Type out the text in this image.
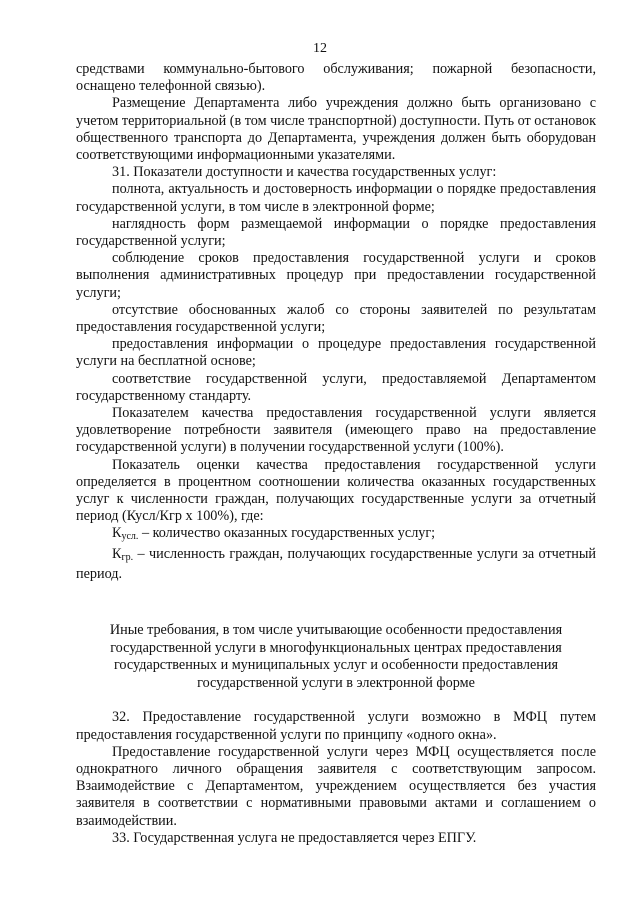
12

средствами коммунально-бытового обслуживания; пожарной безопасности, оснащено телефонной связью).

Размещение Департамента либо учреждения должно быть организовано с учетом территориальной (в том числе транспортной) доступности. Путь от остановок общественного транспорта до Департамента, учреждения должен быть оборудован соответствующими информационными указателями.

31. Показатели доступности и качества государственных услуг:

полнота, актуальность и достоверность информации о порядке предоставления государственной услуги, в том числе в электронной форме;

наглядность форм размещаемой информации о порядке предоставления государственной услуги;

соблюдение сроков предоставления государственной услуги и сроков выполнения административных процедур при предоставлении государственной услуги;

отсутствие обоснованных жалоб со стороны заявителей по результатам предоставления государственной услуги;

предоставления информации о процедуре предоставления государственной услуги на бесплатной основе;

соответствие государственной услуги, предоставляемой Департаментом государственному стандарту.

Показателем качества предоставления государственной услуги является удовлетворение потребности заявителя (имеющего право на предоставление государственной услуги) в получении государственной услуги (100%).

Показатель оценки качества предоставления государственной услуги определяется в процентном соотношении количества оказанных государственных услуг к численности граждан, получающих государственные услуги за отчетный период (Кусл/Кгр х 100%), где:

$К_{усл.}$ – количество оказанных государственных услуг;

$К_{гр.}$ – численность граждан, получающих государственные услуги за отчетный период.

Иные требования, в том числе учитывающие особенности предоставления государственной услуги в многофункциональных центрах предоставления государственных и муниципальных услуг и особенности предоставления государственной услуги в электронной форме

32. Предоставление государственной услуги возможно в МФЦ путем предоставления государственной услуги по принципу «одного окна».

Предоставление государственной услуги через МФЦ осуществляется после однократного личного обращения заявителя с соответствующим запросом. Взаимодействие с Департаментом, учреждением осуществляется без участия заявителя в соответствии с нормативными правовыми актами и соглашением о взаимодействии.

33. Государственная услуга не предоставляется через ЕПГУ.
